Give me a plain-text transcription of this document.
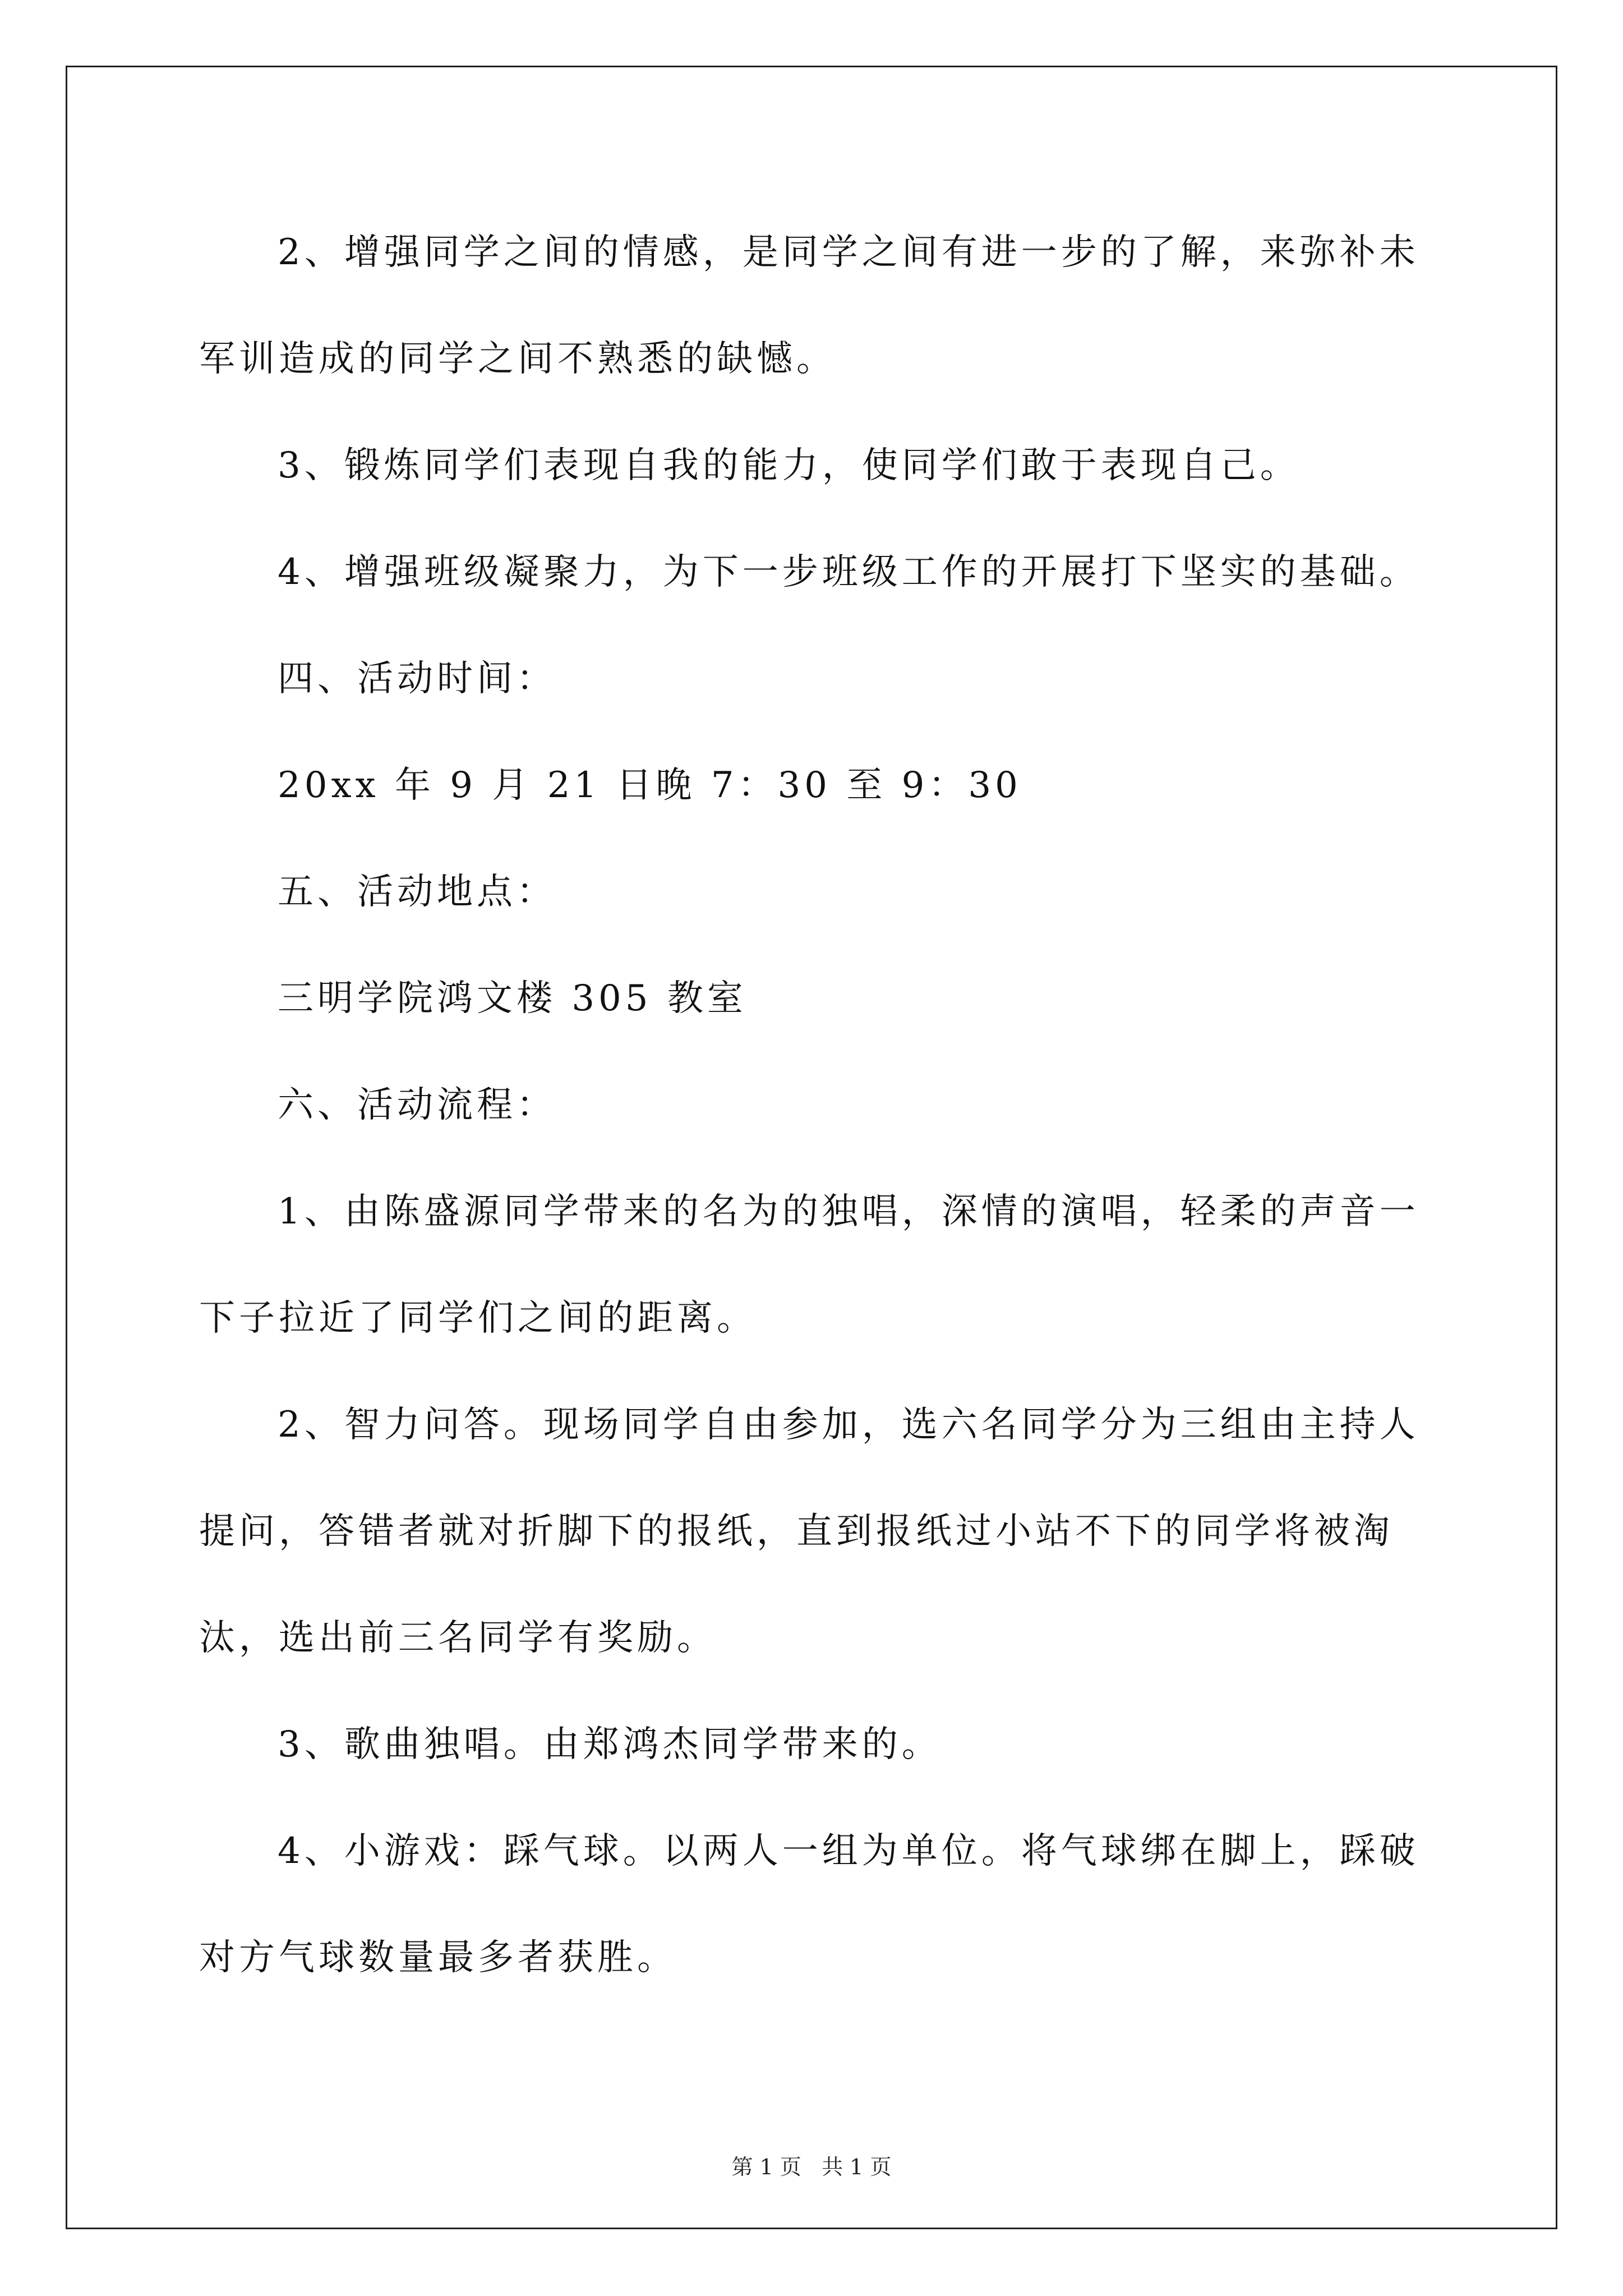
2、增强同学之间的情感，是同学之间有进一步的了解，来弥补未
军训造成的同学之间不熟悉的缺憾。
3、锻炼同学们表现自我的能力，使同学们敢于表现自己。
4、增强班级凝聚力，为下一步班级工作的开展打下坚实的基础。
四、活动时间：
20xx 年 9 月 21 日晚 7：30 至 9：30
五、活动地点：
三明学院鸿文楼 305 教室
六、活动流程：
1、由陈盛源同学带来的名为的独唱，深情的演唱，轻柔的声音一
下子拉近了同学们之间的距离。
2、智力问答。现场同学自由参加，选六名同学分为三组由主持人
提问，答错者就对折脚下的报纸，直到报纸过小站不下的同学将被淘
汰，选出前三名同学有奖励。
3、歌曲独唱。由郑鸿杰同学带来的。
4、小游戏：踩气球。以两人一组为单位。将气球绑在脚上，踩破
对方气球数量最多者获胜。
第 1 页   共 1 页
